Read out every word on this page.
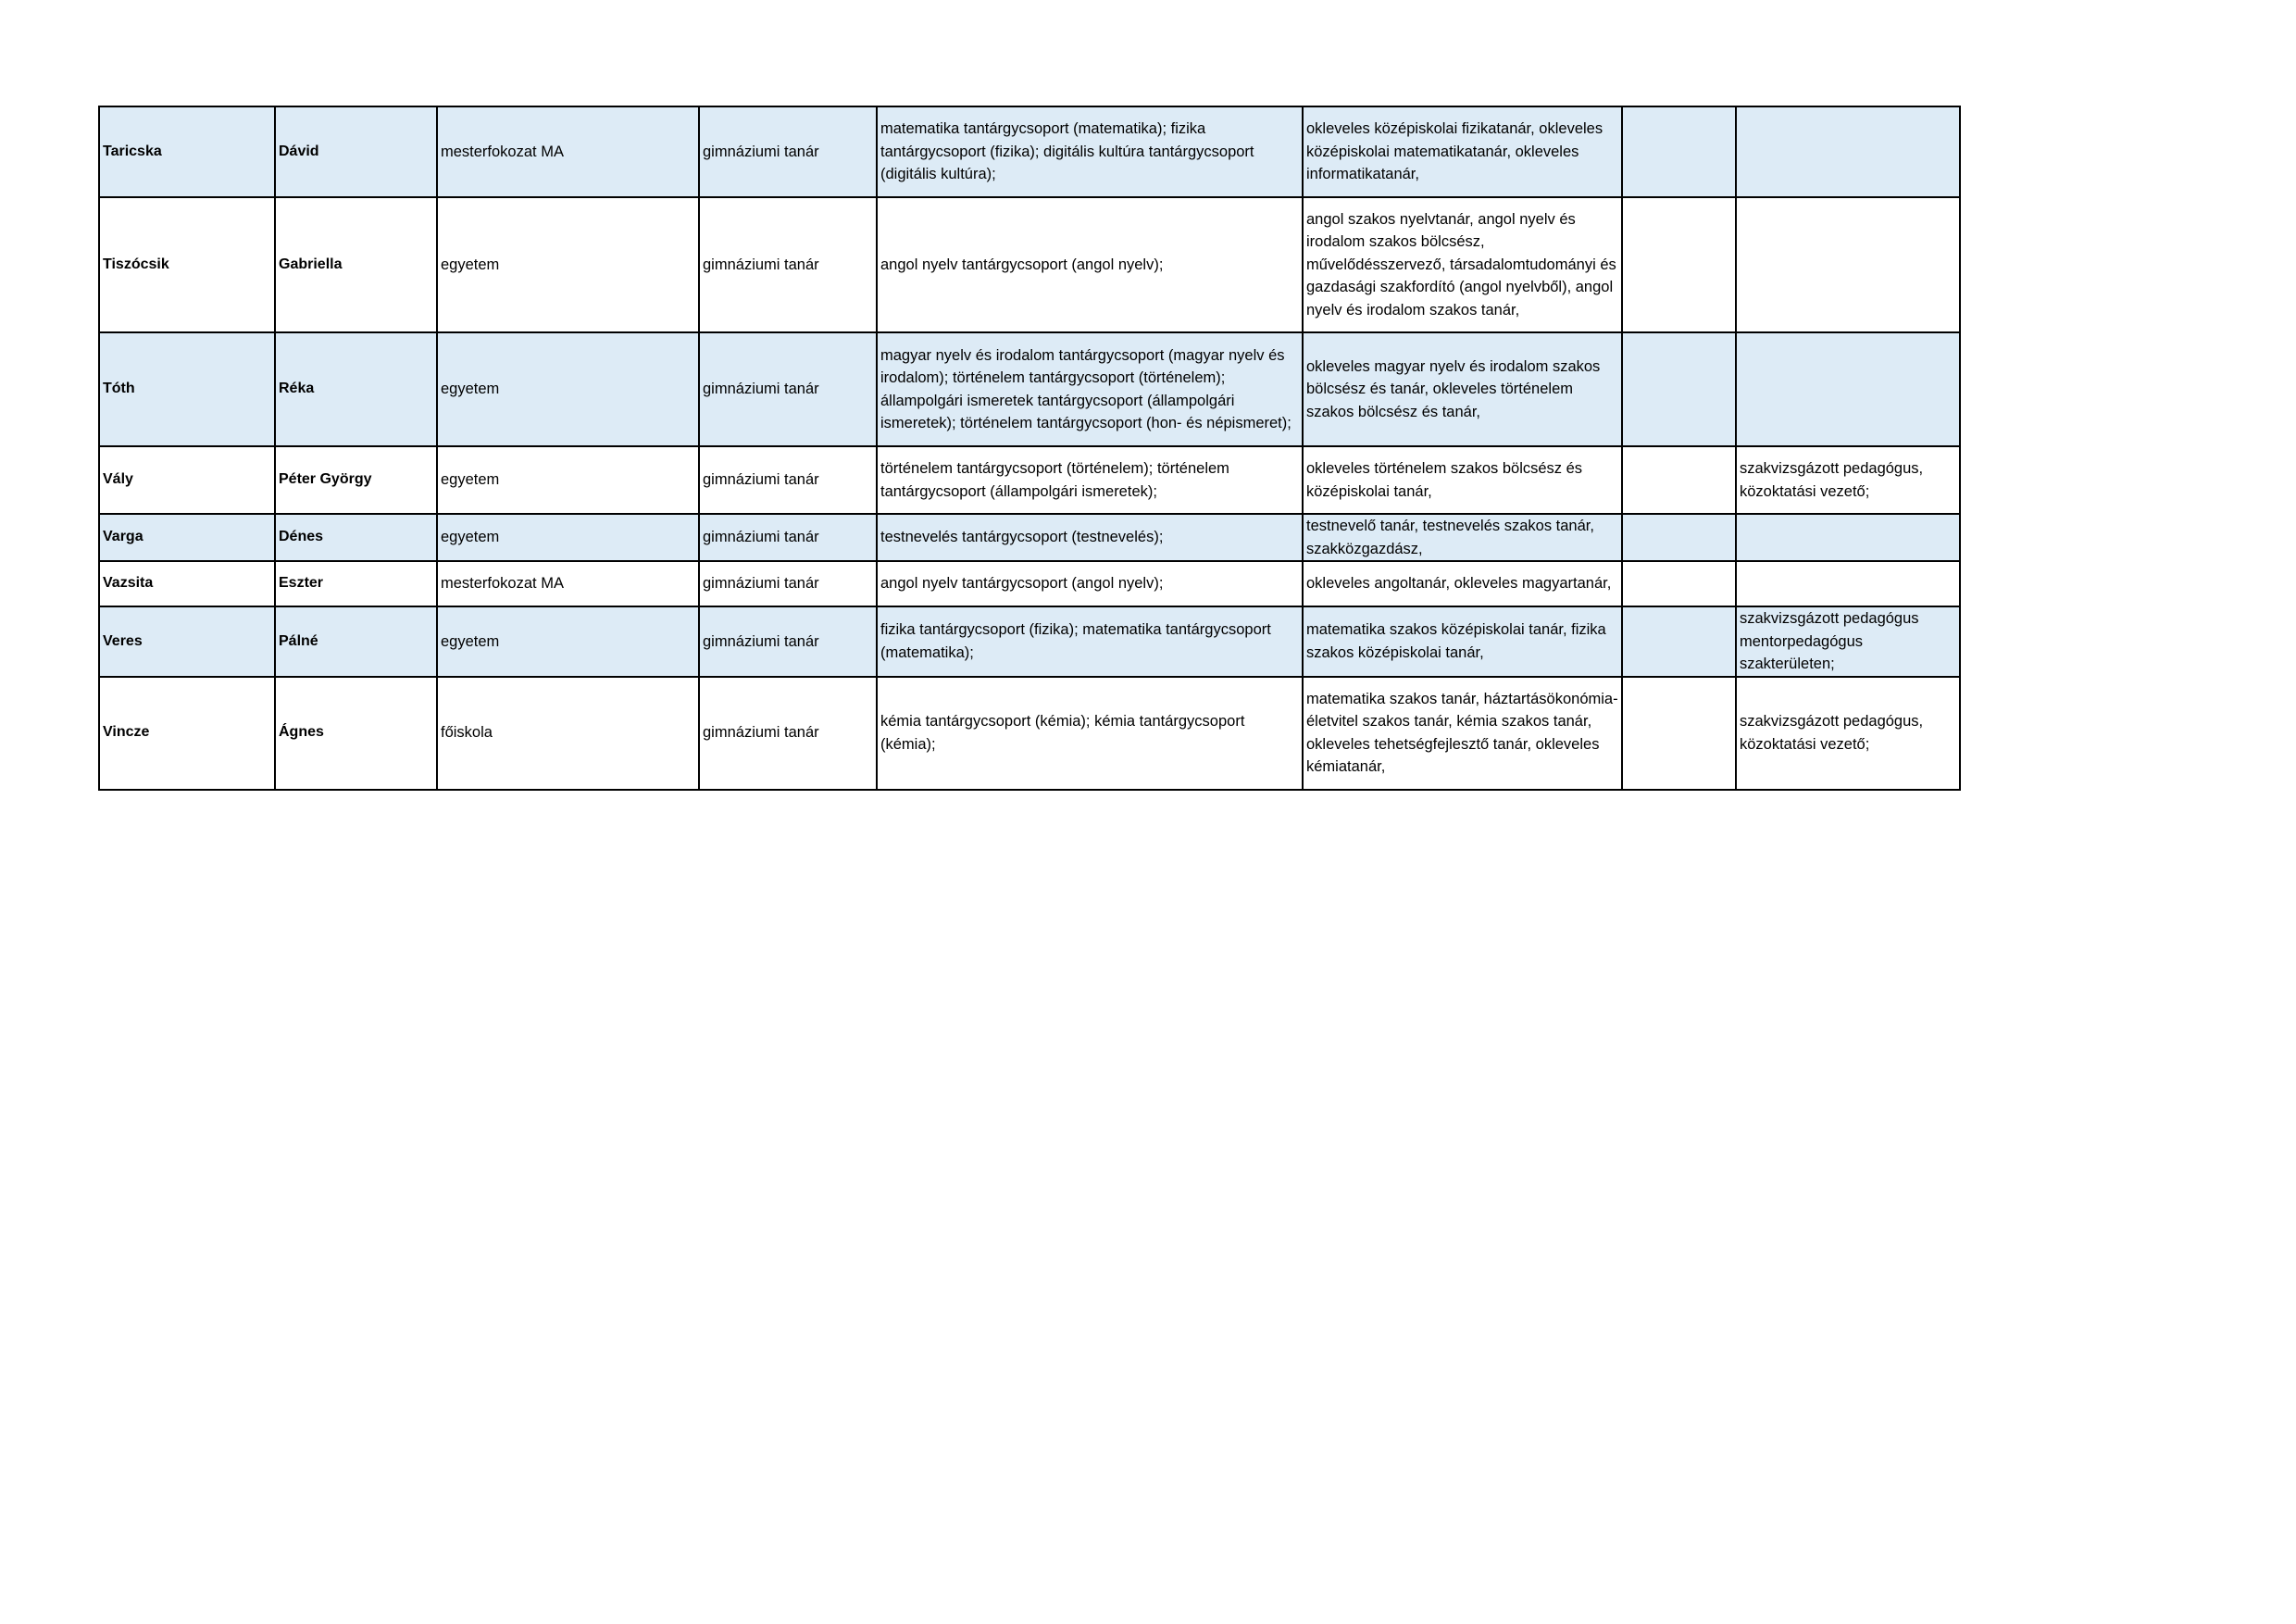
Taricska	Dávid	mesterfokozat MA	gimnáziumi tanár	matematika tantárgycsoport (matematika); fizika tantárgycsoport (fizika); digitális kultúra tantárgycsoport (digitális kultúra);	okleveles középiskolai fizikatanár, okleveles középiskolai matematikatanár, okleveles informatikatanár,		
Tiszócsik	Gabriella	egyetem	gimnáziumi tanár	angol nyelv tantárgycsoport (angol nyelv);	angol szakos nyelvtanár, angol nyelv és irodalom szakos bölcsész, művelődésszervező, társadalomtudományi és gazdasági szakfordító (angol nyelvből), angol nyelv és irodalom szakos tanár,		
Tóth	Réka	egyetem	gimnáziumi tanár	magyar nyelv és irodalom tantárgycsoport (magyar nyelv és irodalom); történelem tantárgycsoport (történelem); állampolgári ismeretek tantárgycsoport (állampolgári ismeretek); történelem tantárgycsoport (hon- és népismeret);	okleveles magyar nyelv és irodalom szakos bölcsész és tanár, okleveles történelem szakos bölcsész és tanár,		
Vály	Péter György	egyetem	gimnáziumi tanár	történelem tantárgycsoport (történelem); történelem tantárgycsoport (állampolgári ismeretek);	okleveles történelem szakos bölcsész és középiskolai tanár,		szakvizsgázott pedagógus, közoktatási vezető;
Varga	Dénes	egyetem	gimnáziumi tanár	testnevelés tantárgycsoport (testnevelés);	testnevelő tanár, testnevelés szakos tanár, szakközgazdász,		
Vazsita	Eszter	mesterfokozat MA	gimnáziumi tanár	angol nyelv tantárgycsoport (angol nyelv);	okleveles angoltanár, okleveles magyartanár,		
Veres	Pálné	egyetem	gimnáziumi tanár	fizika tantárgycsoport (fizika); matematika tantárgycsoport (matematika);	matematika szakos középiskolai tanár, fizika szakos középiskolai tanár,		szakvizsgázott pedagógus mentorpedagógus szakterületen;
Vincze	Ágnes	főiskola	gimnáziumi tanár	kémia tantárgycsoport (kémia); kémia tantárgycsoport (kémia);	matematika szakos tanár, háztartásökonómia-életvitel szakos tanár, kémia szakos tanár, okleveles tehetségfejlesztő tanár, okleveles kémiatanár,		szakvizsgázott pedagógus, közoktatási vezető;
